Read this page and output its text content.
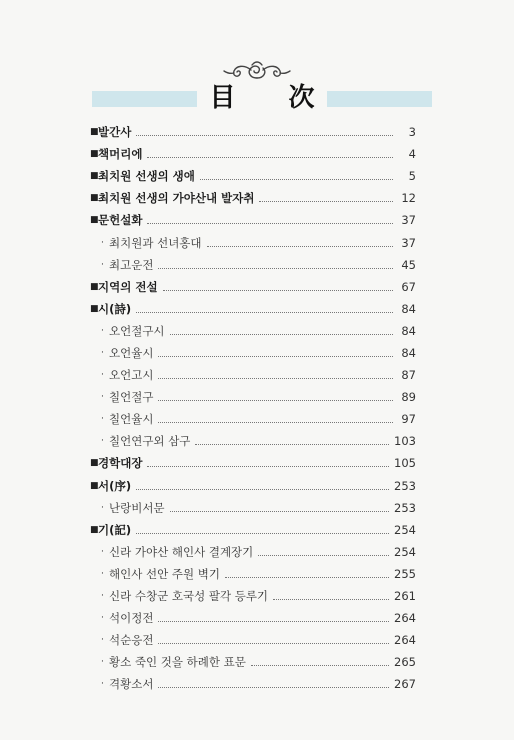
目 次
■ 발간사	3
■ 책머리에	4
■ 최치원 선생의 생애	5
■ 최치원 선생의 가야산내 발자취	12
■ 문헌설화	37
· 최치원과 선녀홍대	37
· 최고운전	45
■ 지역의 전설	67
■ 시(詩)	84
· 오언절구시	84
· 오언율시	84
· 오언고시	87
· 칠언절구	89
· 칠언율시	97
· 칠언연구외 삼구	103
■ 경학대장	105
■ 서(序)	253
· 난랑비서문	253
■ 기(記)	254
· 신라 가야산 해인사 결계장기	254
· 해인사 선안 주원 벽기	255
· 신라 수창군 호국성 팔각 등루기	261
· 석이정전	264
· 석순응전	264
· 황소 죽인 것을 하례한 표문	265
· 격황소서	267
